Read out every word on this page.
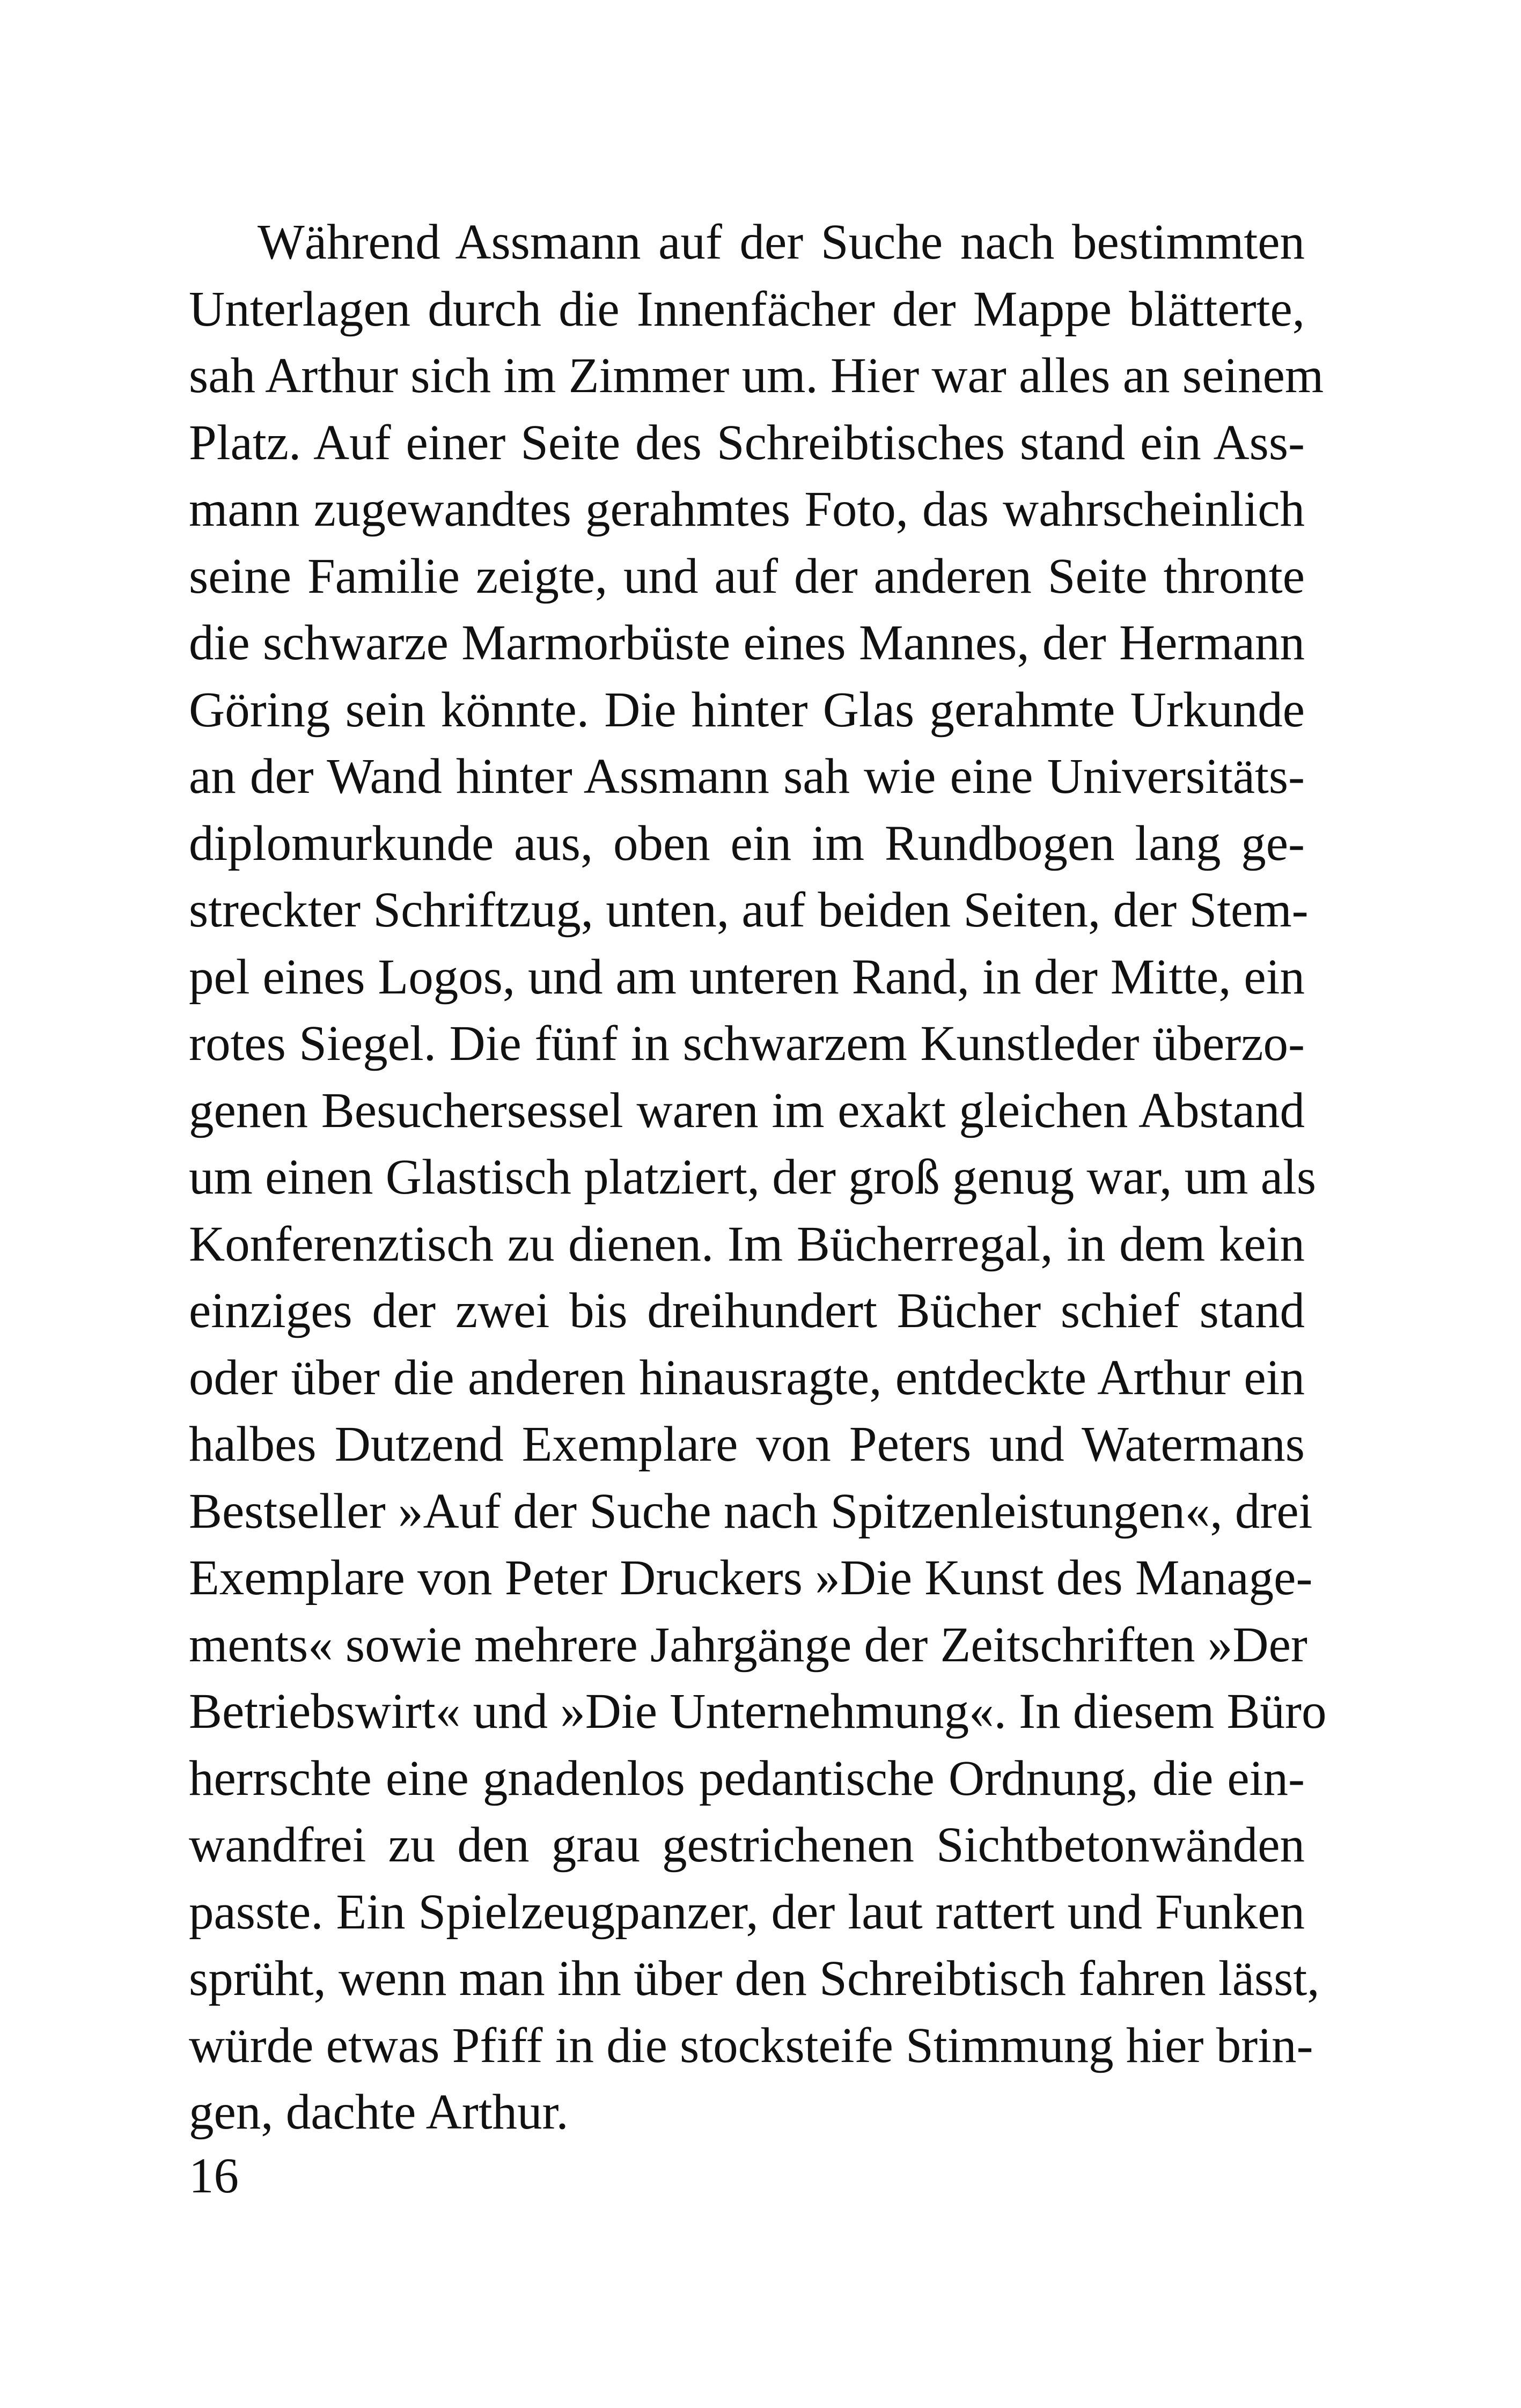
Während Assmann auf der Suche nach bestimmten
Unterlagen durch die Innenfächer der Mappe blätterte,
sah Arthur sich im Zimmer um. Hier war alles an seinem
Platz. Auf einer Seite des Schreibtisches stand ein Ass-
mann zugewandtes gerahmtes Foto, das wahrscheinlich
seine Familie zeigte, und auf der anderen Seite thronte
die schwarze Marmorbüste eines Mannes, der Hermann
Göring sein könnte. Die hinter Glas gerahmte Urkunde
an der Wand hinter Assmann sah wie eine Universitäts-
diplomurkunde aus, oben ein im Rundbogen lang ge-
streckter Schriftzug, unten, auf beiden Seiten, der Stem-
pel eines Logos, und am unteren Rand, in der Mitte, ein
rotes Siegel. Die fünf in schwarzem Kunstleder überzo-
genen Besuchersessel waren im exakt gleichen Abstand
um einen Glastisch platziert, der groß genug war, um als
Konferenztisch zu dienen. Im Bücherregal, in dem kein
einziges der zwei bis dreihundert Bücher schief stand
oder über die anderen hinausragte, entdeckte Arthur ein
halbes Dutzend Exemplare von Peters und Watermans
Bestseller »Auf der Suche nach Spitzenleistungen«, drei
Exemplare von Peter Druckers »Die Kunst des Manage-
ments« sowie mehrere Jahrgänge der Zeitschriften »Der
Betriebswirt« und »Die Unternehmung«. In diesem Büro
herrschte eine gnadenlos pedantische Ordnung, die ein-
wandfrei zu den grau gestrichenen Sichtbetonwänden
passte. Ein Spielzeugpanzer, der laut rattert und Funken
sprüht, wenn man ihn über den Schreibtisch fahren lässt,
würde etwas Pfiff in die stocksteife Stimmung hier brin-
gen, dachte Arthur.
16
